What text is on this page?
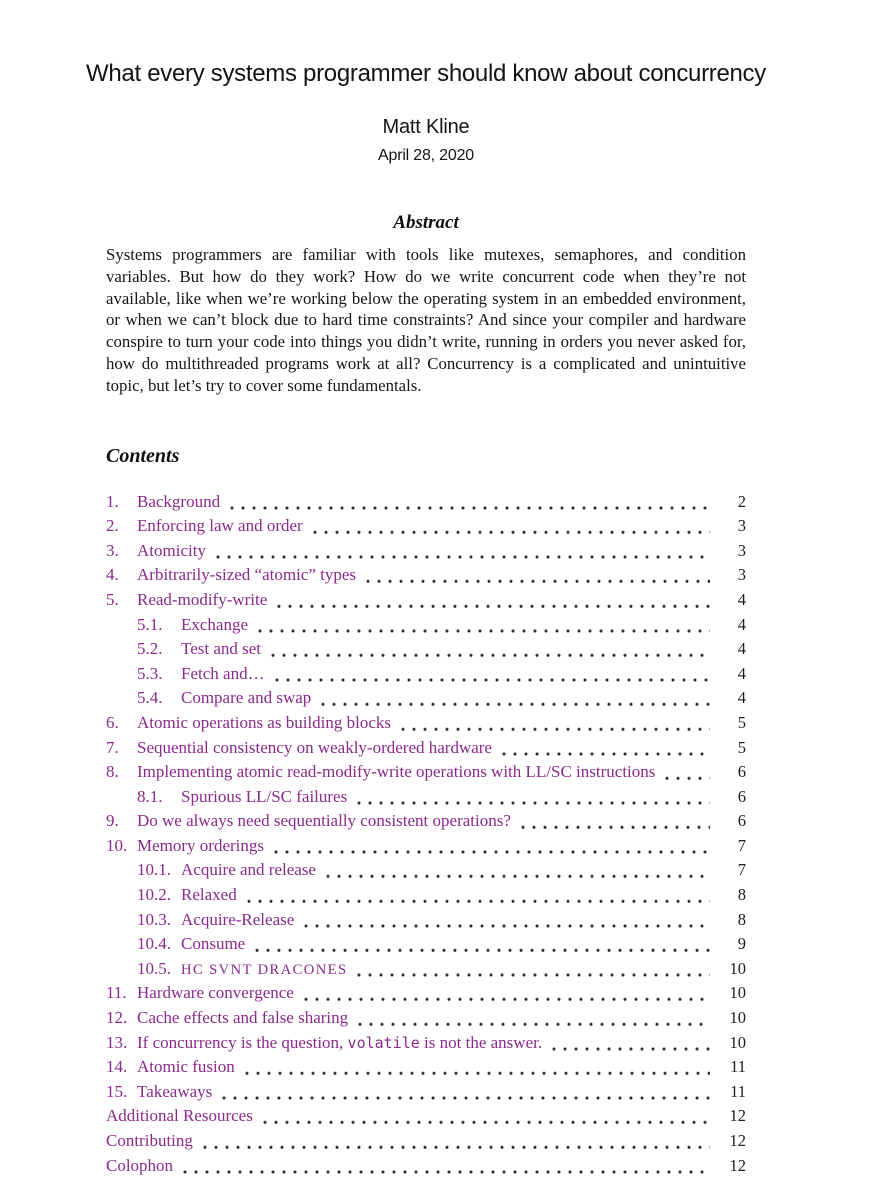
What every systems programmer should know about concurrency
Matt Kline
April 28, 2020
Abstract

Systems programmers are familiar with tools like mutexes, semaphores, and condition variables. But how do they work? How do we write concurrent code when they’re not available, like when we’re working below the operating system in an embedded environment, or when we can’t block due to hard time constraints? And since your compiler and hardware conspire to turn your code into things you didn’t write, running in orders you never asked for, how do multithreaded programs work at all? Concurrency is a complicated and unintuitive topic, but let’s try to cover some fundamentals.

Contents
1.	Background	2
2.	Enforcing law and order	3
3.	Atomicity	3
4.	Arbitrarily-sized “atomic” types	3
5.	Read-modify-write	4
5.1.	Exchange	4
5.2.	Test and set	4
5.3.	Fetch and…	4
5.4.	Compare and swap	4
6.	Atomic operations as building blocks	5
7.	Sequential consistency on weakly-ordered hardware	5
8.	Implementing atomic read-modify-write operations with LL/SC instructions	6
8.1.	Spurious LL/SC failures	6
9.	Do we always need sequentially consistent operations?	6
10. Memory orderings	7
10.1. Acquire and release	7
10.2. Relaxed	8
10.3. Acquire-Release	8
10.4. Consume	9
10.5. HC SVNT DRACONES	10
11. Hardware convergence	10
12. Cache effects and false sharing	10
13. If concurrency is the question, volatile is not the answer.	10
14. Atomic fusion	11
15. Takeaways	11
Additional Resources	12
Contributing	12
Colophon	12
